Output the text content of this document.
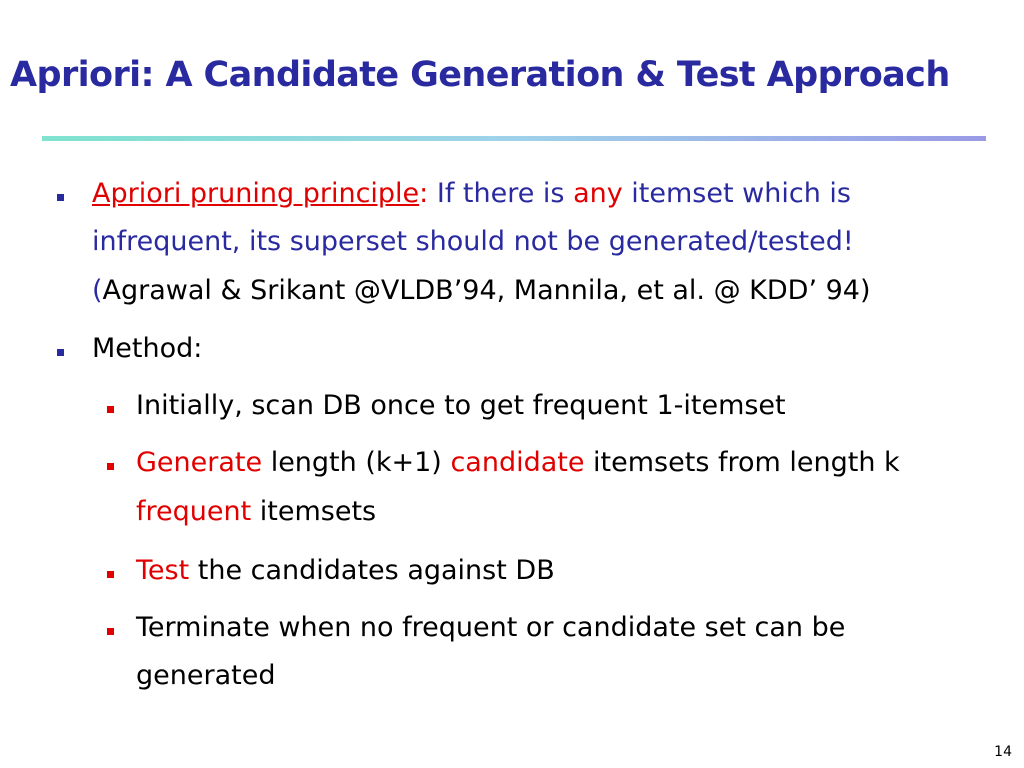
Apriori: A Candidate Generation & Test Approach
Apriori pruning principle: If there is any itemset which is
infrequent, its superset should not be generated/tested!
(Agrawal & Srikant @VLDB’94, Mannila, et al. @ KDD’ 94)
Method:
Initially, scan DB once to get frequent 1-itemset
Generate length (k+1) candidate itemsets from length k
frequent itemsets
Test the candidates against DB
Terminate when no frequent or candidate set can be
generated
14
